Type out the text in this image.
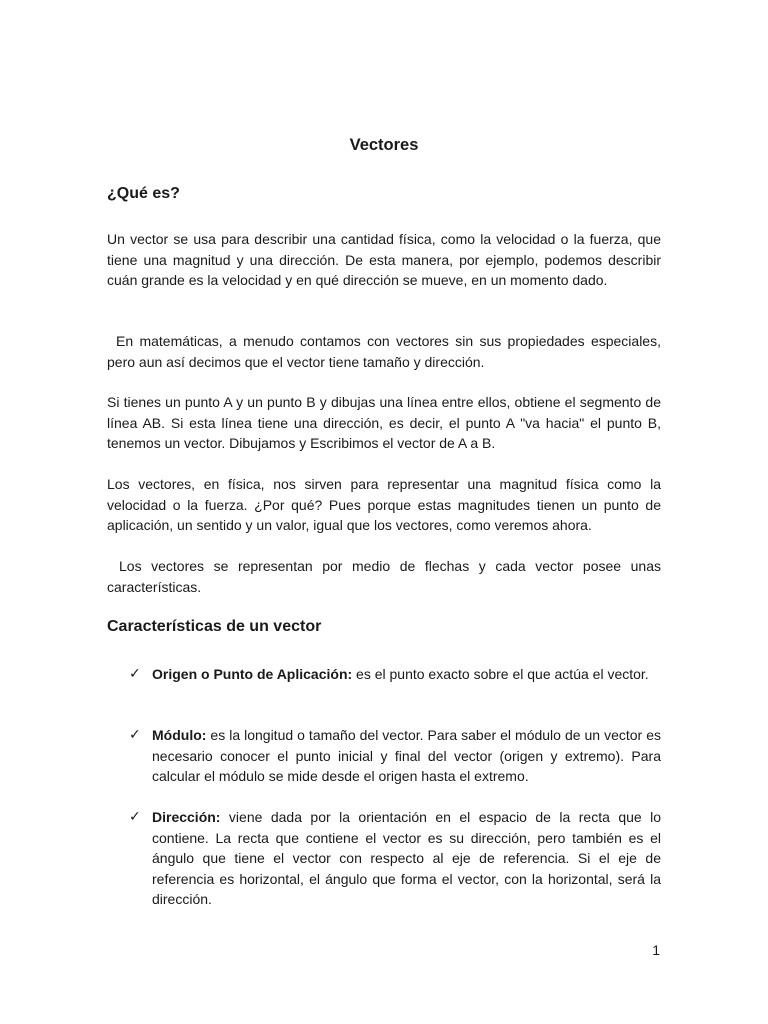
Vectores
¿Qué es?

Un vector se usa para describir una cantidad física, como la velocidad o la fuerza, que tiene una magnitud y una dirección. De esta manera, por ejemplo, podemos describir cuán grande es la velocidad y en qué dirección se mueve, en un momento dado.

En matemáticas, a menudo contamos con vectores sin sus propiedades especiales, pero aun así decimos que el vector tiene tamaño y dirección.

Si tienes un punto A y un punto B y dibujas una línea entre ellos, obtiene el segmento de línea AB. Si esta línea tiene una dirección, es decir, el punto A "va hacia" el punto B, tenemos un vector. Dibujamos y Escribimos el vector de A a B.

Los vectores, en física, nos sirven para representar una magnitud física como la velocidad o la fuerza. ¿Por qué? Pues porque estas magnitudes tienen un punto de aplicación, un sentido y un valor, igual que los vectores, como veremos ahora.

Los vectores se representan por medio de flechas y cada vector posee unas características.

Características de un vector
✓ Origen o Punto de Aplicación: es el punto exacto sobre el que actúa el vector.
✓ Módulo: es la longitud o tamaño del vector. Para saber el módulo de un vector es necesario conocer el punto inicial y final del vector (origen y extremo). Para calcular el módulo se mide desde el origen hasta el extremo.
✓ Dirección: viene dada por la orientación en el espacio de la recta que lo contiene. La recta que contiene el vector es su dirección, pero también es el ángulo que tiene el vector con respecto al eje de referencia. Si el eje de referencia es horizontal, el ángulo que forma el vector, con la horizontal, será la dirección.
1
